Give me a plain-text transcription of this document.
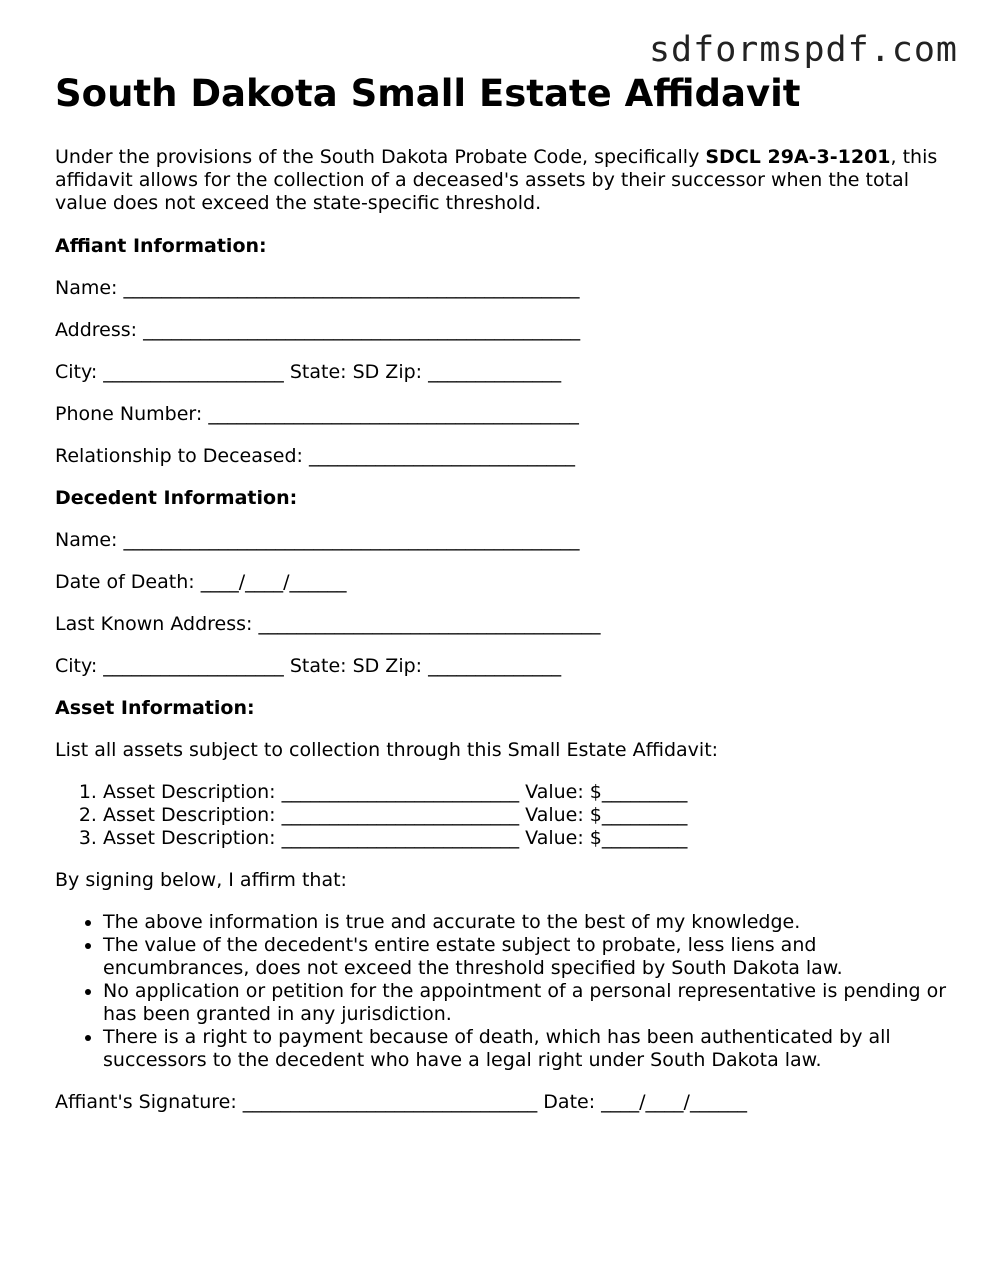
sdformspdf.com
South Dakota Small Estate Affidavit

Under the provisions of the South Dakota Probate Code, specifically SDCL 29A-3-1201, this affidavit allows for the collection of a deceased's assets by their successor when the total value does not exceed the state-specific threshold.

Affiant Information:

Name: ________________________________________________

Address: ______________________________________________

City: ___________________ State: SD Zip: ______________

Phone Number: _______________________________________

Relationship to Deceased: ____________________________

Decedent Information:

Name: ________________________________________________

Date of Death: ____/____/______

Last Known Address: ____________________________________

City: ___________________ State: SD Zip: ______________

Asset Information:

List all assets subject to collection through this Small Estate Affidavit:

1. Asset Description: _________________________ Value: $_________
2. Asset Description: _________________________ Value: $_________
3. Asset Description: _________________________ Value: $_________

By signing below, I affirm that:

• The above information is true and accurate to the best of my knowledge.
• The value of the decedent's entire estate subject to probate, less liens and encumbrances, does not exceed the threshold specified by South Dakota law.
• No application or petition for the appointment of a personal representative is pending or has been granted in any jurisdiction.
• There is a right to payment because of death, which has been authenticated by all successors to the decedent who have a legal right under South Dakota law.

Affiant's Signature: _______________________________ Date: ____/____/______
